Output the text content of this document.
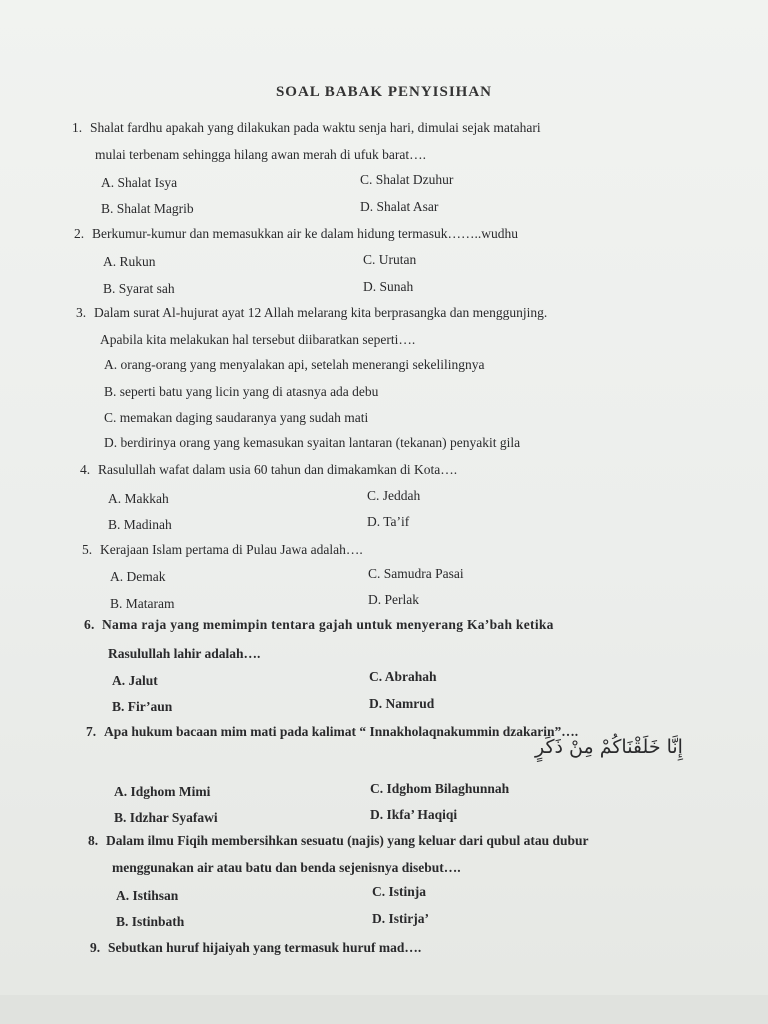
SOAL BABAK PENYISIHAN
1. Shalat fardhu apakah yang dilakukan pada waktu senja hari, dimulai sejak matahari
mulai terbenam sehingga hilang awan merah di ufuk barat….
A. Shalat Isya	C. Shalat Dzuhur
B. Shalat Magrib	D. Shalat Asar
2. Berkumur-kumur dan memasukkan air ke dalam hidung termasuk……..wudhu
A. Rukun	C. Urutan
B. Syarat sah	D. Sunah
3. Dalam surat Al-hujurat ayat 12 Allah melarang kita berprasangka dan menggunjing.
Apabila kita melakukan hal tersebut diibaratkan seperti….
A. orang-orang yang menyalakan api, setelah menerangi sekelilingnya
B. seperti batu yang licin yang di atasnya ada debu
C. memakan daging saudaranya yang sudah mati
D. berdirinya orang yang kemasukan syaitan lantaran (tekanan) penyakit gila
4. Rasulullah wafat dalam usia 60 tahun dan dimakamkan di Kota….
A. Makkah	C. Jeddah
B. Madinah	D. Ta’if
5. Kerajaan Islam pertama di Pulau Jawa adalah….
A. Demak	C. Samudra Pasai
B. Mataram	D. Perlak
6. Nama raja yang memimpin tentara gajah untuk menyerang Ka’bah ketika
Rasulullah lahir adalah….
A. Jalut	C. Abrahah
B. Fir’aun	D. Namrud
7. Apa hukum bacaan mim mati pada kalimat “ Innakholaqnakummin dzakarin”….
إِنَّا خَلَقْنَاكُمْ مِنْ ذَكَرٍ
A. Idghom Mimi	C. Idghom Bilaghunnah
B. Idzhar Syafawi	D. Ikfa’ Haqiqi
8. Dalam ilmu Fiqih membersihkan sesuatu (najis) yang keluar dari qubul atau dubur
menggunakan air atau batu dan benda sejenisnya disebut….
A. Istihsan	C. Istinja
B. Istinbath	D. Istirja’
9. Sebutkan huruf hijaiyah yang termasuk huruf mad….
